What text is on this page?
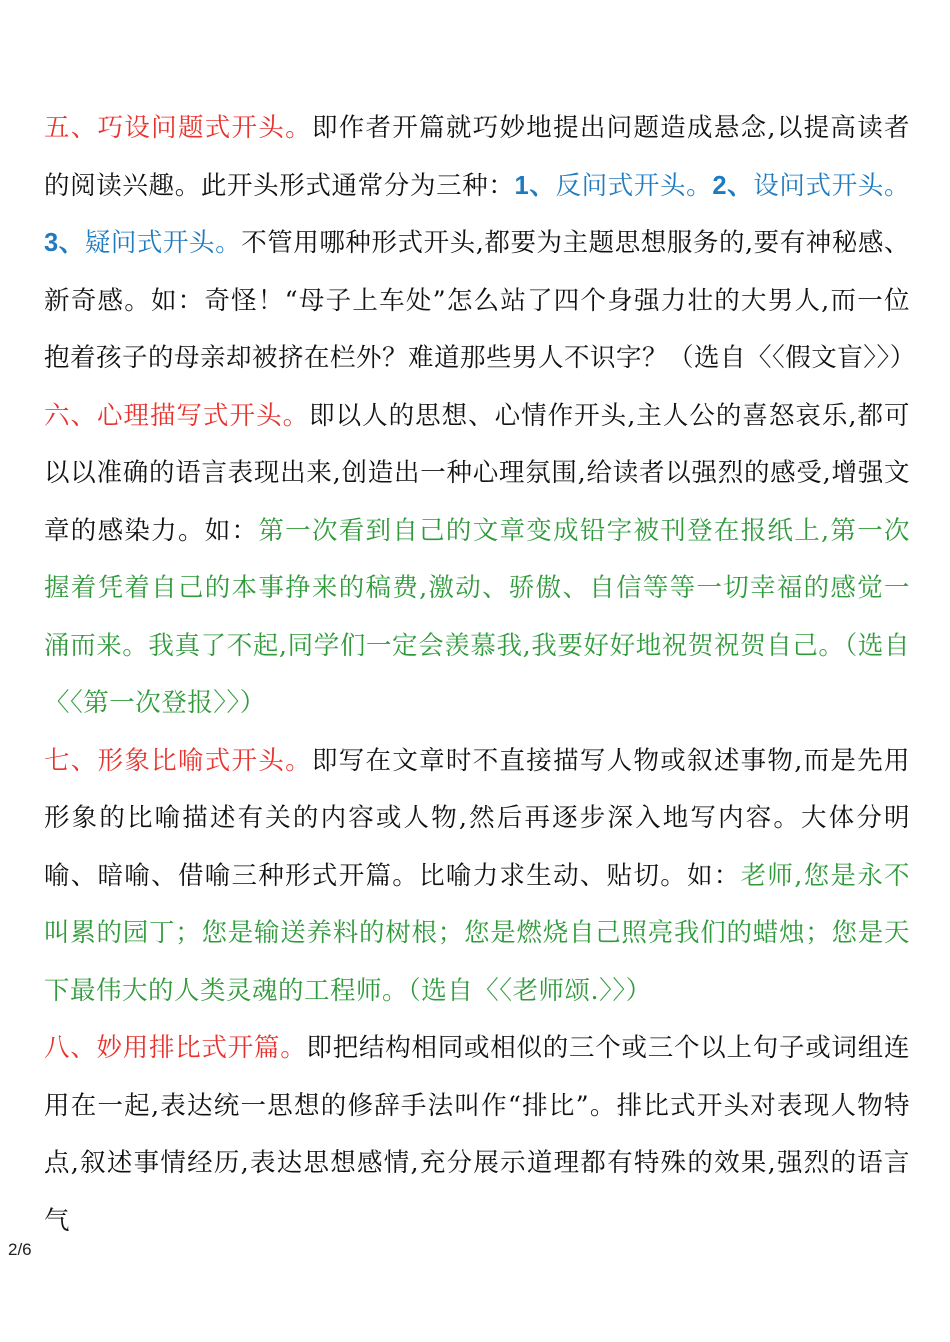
五、巧设问题式开头。即作者开篇就巧妙地提出问题造成悬念,以提高读者的阅读兴趣。此开头形式通常分为三种：1、反问式开头。2、设问式开头。3、疑问式开头。不管用哪种形式开头,都要为主题思想服务的,要有神秘感、新奇感。如：奇怪！“母子上车处”怎么站了四个身强力壮的大男人,而一位抱着孩子的母亲却被挤在栏外？难道那些男人不识字？（选自〈〈假文盲〉〉）

六、心理描写式开头。即以人的思想、心情作开头,主人公的喜怒哀乐,都可以以准确的语言表现出来,创造出一种心理氛围,给读者以强烈的感受,增强文章的感染力。如：第一次看到自己的文章变成铅字被刊登在报纸上,第一次握着凭着自己的本事挣来的稿费,激动、骄傲、自信等等一切幸福的感觉一涌而来。我真了不起,同学们一定会羡慕我,我要好好地祝贺祝贺自己。（选自〈〈第一次登报〉〉）

七、形象比喻式开头。即写在文章时不直接描写人物或叙述事物,而是先用形象的比喻描述有关的内容或人物,然后再逐步深入地写内容。大体分明喻、暗喻、借喻三种形式开篇。比喻力求生动、贴切。如：老师,您是永不叫累的园丁；您是输送养料的树根；您是燃烧自己照亮我们的蜡烛；您是天下最伟大的人类灵魂的工程师。（选自〈〈老师颂.〉〉）

八、妙用排比式开篇。即把结构相同或相似的三个或三个以上句子或词组连用在一起,表达统一思想的修辞手法叫作“排比”。排比式开头对表现人物特点,叙述事情经历,表达思想感情,充分展示道理都有特殊的效果,强烈的语言气

2/6
